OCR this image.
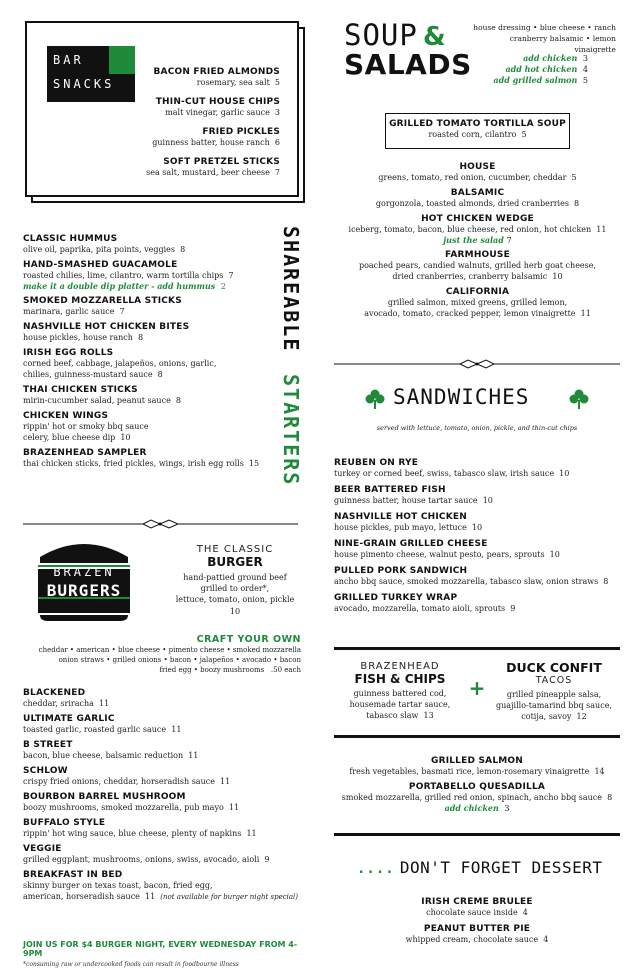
BAR
SNACKS
BACON FRIED ALMONDS
rosemary, sea salt 5
THIN-CUT HOUSE CHIPS
malt vinegar, garlic sauce 3
FRIED PICKLES
guinness batter, house ranch 6
SOFT PRETZEL STICKS
sea salt, mustard, beer cheese 7
CLASSIC HUMMUS
olive oil, paprika, pita points, veggies 8
HAND-SMASHED GUACAMOLE
roasted chilies, lime, cilantro, warm tortilla chips 7
make it a double dip platter - add hummus 2
SMOKED MOZZARELLA STICKS
marinara, garlic sauce 7
NASHVILLE HOT CHICKEN BITES
house pickles, house ranch 8
IRISH EGG ROLLS
corned beef, cabbage, jalapeños, onions, garlic,
chilies, guinness-mustard sauce 8
THAI CHICKEN STICKS
mirin-cucumber salad, peanut sauce 8
CHICKEN WINGS
rippin' hot or smoky bbq sauce
celery, blue cheese dip 10
BRAZENHEAD SAMPLER
thai chicken sticks, fried pickles, wings, irish egg rolls 15
SHAREABLE
STARTERS
BRAZEN
BURGERS
THE CLASSIC
BURGER
hand-pattied ground beef
grilled to order*,
lettuce, tomato, onion, pickle
10
CRAFT YOUR OWN
cheddar • american • blue cheese • pimento cheese • smoked mozzarella
onion straws • grilled onions • bacon • jalapeños • avocado • bacon
fried egg • boozy mushrooms .50 each
BLACKENED
cheddar, sriracha 11
ULTIMATE GARLIC
toasted garlic, roasted garlic sauce 11
B STREET
bacon, blue cheese, balsamic reduction 11
SCHLOW
crispy fried onions, cheddar, horseradish sauce 11
BOURBON BARREL MUSHROOM
boozy mushrooms, smoked mozzarella, pub mayo 11
BUFFALO STYLE
rippin' hot wing sauce, blue cheese, plenty of napkins 11
VEGGIE
grilled eggplant, mushrooms, onions, swiss, avocado, aioli 9
BREAKFAST IN BED
skinny burger on texas toast, bacon, fried egg,
american, horseradish sauce 11 (not available for burger night special)
JOIN US FOR $4 BURGER NIGHT, EVERY WEDNESDAY FROM 4-9PM
*consuming raw or undercooked foods can result in foodbourne illness
SOUP &
SALADS
house dressing • blue cheese • ranch
cranberry balsamic • lemon vinaigrette
add chicken 3
add hot chicken 4
add grilled salmon 5
GRILLED TOMATO TORTILLA SOUP
roasted corn, cilantro 5
HOUSE
greens, tomato, red onion, cucumber, cheddar 5
BALSAMIC
gorgonzola, toasted almonds, dried cranberries 8
HOT CHICKEN WEDGE
iceberg, tomato, bacon, blue cheese, red onion, hot chicken 11
just the salad 7
FARMHOUSE
poached pears, candied walnuts, grilled herb goat cheese,
dried cranberries, cranberry balsamic 10
CALIFORNIA
grilled salmon, mixed greens, grilled lemon,
avocado, tomato, cracked pepper, lemon vinaigrette 11
SANDWICHES
served with lettuce, tomato, onion, pickle, and thin-cut chips
REUBEN ON RYE
turkey or corned beef, swiss, tabasco slaw, irish sauce 10
BEER BATTERED FISH
guinness batter, house tartar sauce 10
NASHVILLE HOT CHICKEN
house pickles, pub mayo, lettuce 10
NINE-GRAIN GRILLED CHEESE
house pimento cheese, walnut pesto, pears, sprouts 10
PULLED PORK SANDWICH
ancho bbq sauce, smoked mozzarella, tabasco slaw, onion straws 8
GRILLED TURKEY WRAP
avocado, mozzarella, tomato aioli, sprouts 9
BRAZENHEAD
FISH & CHIPS
guinness battered cod,
housemade tartar sauce,
tabasco slaw 13
+
DUCK CONFIT
TACOS
grilled pineapple salsa,
guajillo-tamarind bbq sauce,
cotija, savoy 12
GRILLED SALMON
fresh vegetables, basmati rice, lemon-rosemary vinaigrette 14
PORTABELLO QUESADILLA
smoked mozzarella, grilled red onion, spinach, ancho bbq sauce 8
add chicken 3
.... DON'T FORGET DESSERT
IRISH CREME BRULEE
chocolate sauce inside 4
PEANUT BUTTER PIE
whipped cream, chocolate sauce 4
